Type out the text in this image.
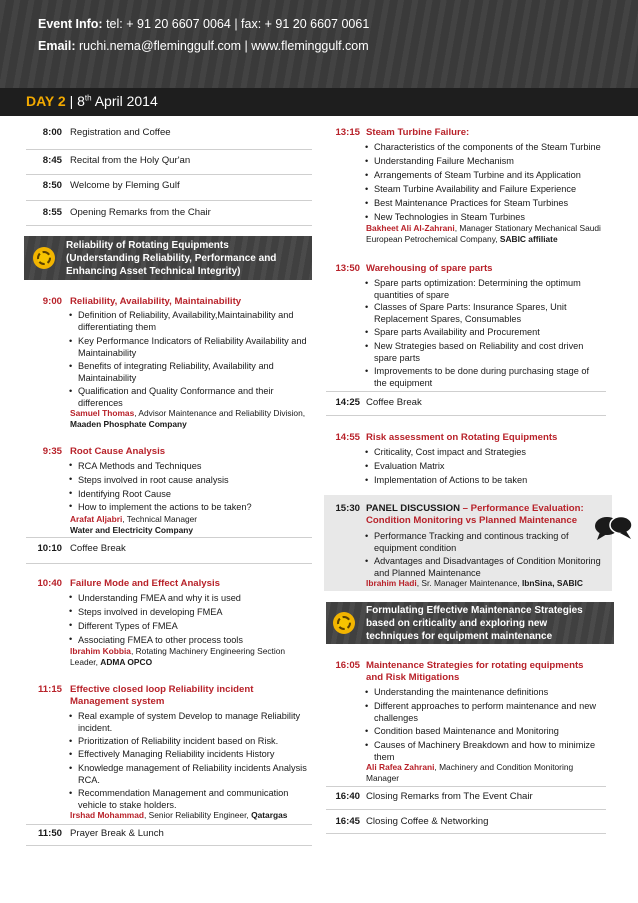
Event Info: tel: + 91 20 6607 0064 | fax: + 91 20 6607 0061
Email: ruchi.nema@fleminggulf.com | www.fleminggulf.com
DAY 2 | 8th April 2014
8:00 Registration and Coffee
8:45 Recital from the Holy Qur'an
8:50 Welcome by Fleming Gulf
8:55 Opening Remarks from the Chair
Reliability of Rotating Equipments
(Understanding Reliability, Performance and
Enhancing Asset Technical Integrity)
9:00 Reliability, Availability, Maintainability
• Definition of Reliability, Availability,Maintainability and
differentiating them
• Key Performance Indicators of Reliability Availability and
Maintainability
• Benefits of integrating Reliability, Availability and
Maintainability
• Qualification and Quality Conformance and their
differences
Samuel Thomas, Advisor Maintenance and Reliability Division,
Maaden Phosphate Company
9:35 Root Cause Analysis
RCA Methods and Techniques
Steps involved in root cause analysis
Identifying Root Cause
How to implement the actions to be taken?
•
•
•
•
Arafat Aljabri, Technical Manager
Water and Electricity Company
10:10 Coffee Break
10:40 Failure Mode and Effect Analysis
Understanding FMEA and why it is used
Steps involved in developing FMEA
Different Types of FMEA
Associating FMEA to other process tools
•
•
•
•
Ibrahim Kobbia, Rotating Machinery Engineering Section
Leader, ADMA OPCO
11:15 Effective closed loop Reliability incident
Management system
• Real example of system Develop to manage Reliability
incident.
• Prioritization of Reliability incident based on Risk.
• Effectively Managing Reliability incidents History
• Knowledge management of Reliability incidents Analysis
RCA.
• Recommendation Management and communication
vehicle to stake holders.
Irshad Mohammad, Senior Reliability Engineer, Qatargas
11:50 Prayer Break & Lunch
13:15 Steam Turbine Failure:
• Characteristics of the components of the Steam Turbine
• Understanding Failure Mechanism
• Arrangements of Steam Turbine and its Application
• Steam Turbine Availability and Failure Experience
• Best Maintenance Practices for Steam Turbines
• New Technologies in Steam Turbines
Bakheet Ali Al-Zahrani, Manager Stationary Mechanical Saudi
European Petrochemical Company, SABIC affiliate
13:50 Warehousing of spare parts
• Spare parts optimization: Determining the optimum
quantities of spare
• Classes of Spare Parts: Insurance Spares, Unit
Replacement Spares, Consumables
• Spare parts Availability and Procurement
• New Strategies based on Reliability and cost driven
spare parts
• Improvements to be done during purchasing stage of
the equipment
14:25 Coffee Break
14:55 Risk assessment on Rotating Equipments
• Criticality, Cost impact and Strategies
• Evaluation Matrix
• Implementation of Actions to be taken
15:30 PANEL DISCUSSION – Performance Evaluation:
Condition Monitoring vs Planned Maintenance
• Performance Tracking and continous tracking of
equipment condition
• Advantages and Disadvantages of Condition Monitoring
and Planned Maintenance
Ibrahim Hadi, Sr. Manager Maintenance, IbnSina, SABIC
Formulating Effective Maintenance Strategies
based on criticality and exploring new
techniques for equipment maintenance
16:05 Maintenance Strategies for rotating equipments
and Risk Mitigations
• Understanding the maintenance definitions
• Different approaches to perform maintenance and new
challenges
• Condition based Maintenance and Monitoring
• Causes of Machinery Breakdown and how to minimize
them
Ali Rafea Zahrani, Machinery and Condition Monitoring
Manager
16:40 Closing Remarks from The Event Chair
16:45 Closing Coffee & Networking
